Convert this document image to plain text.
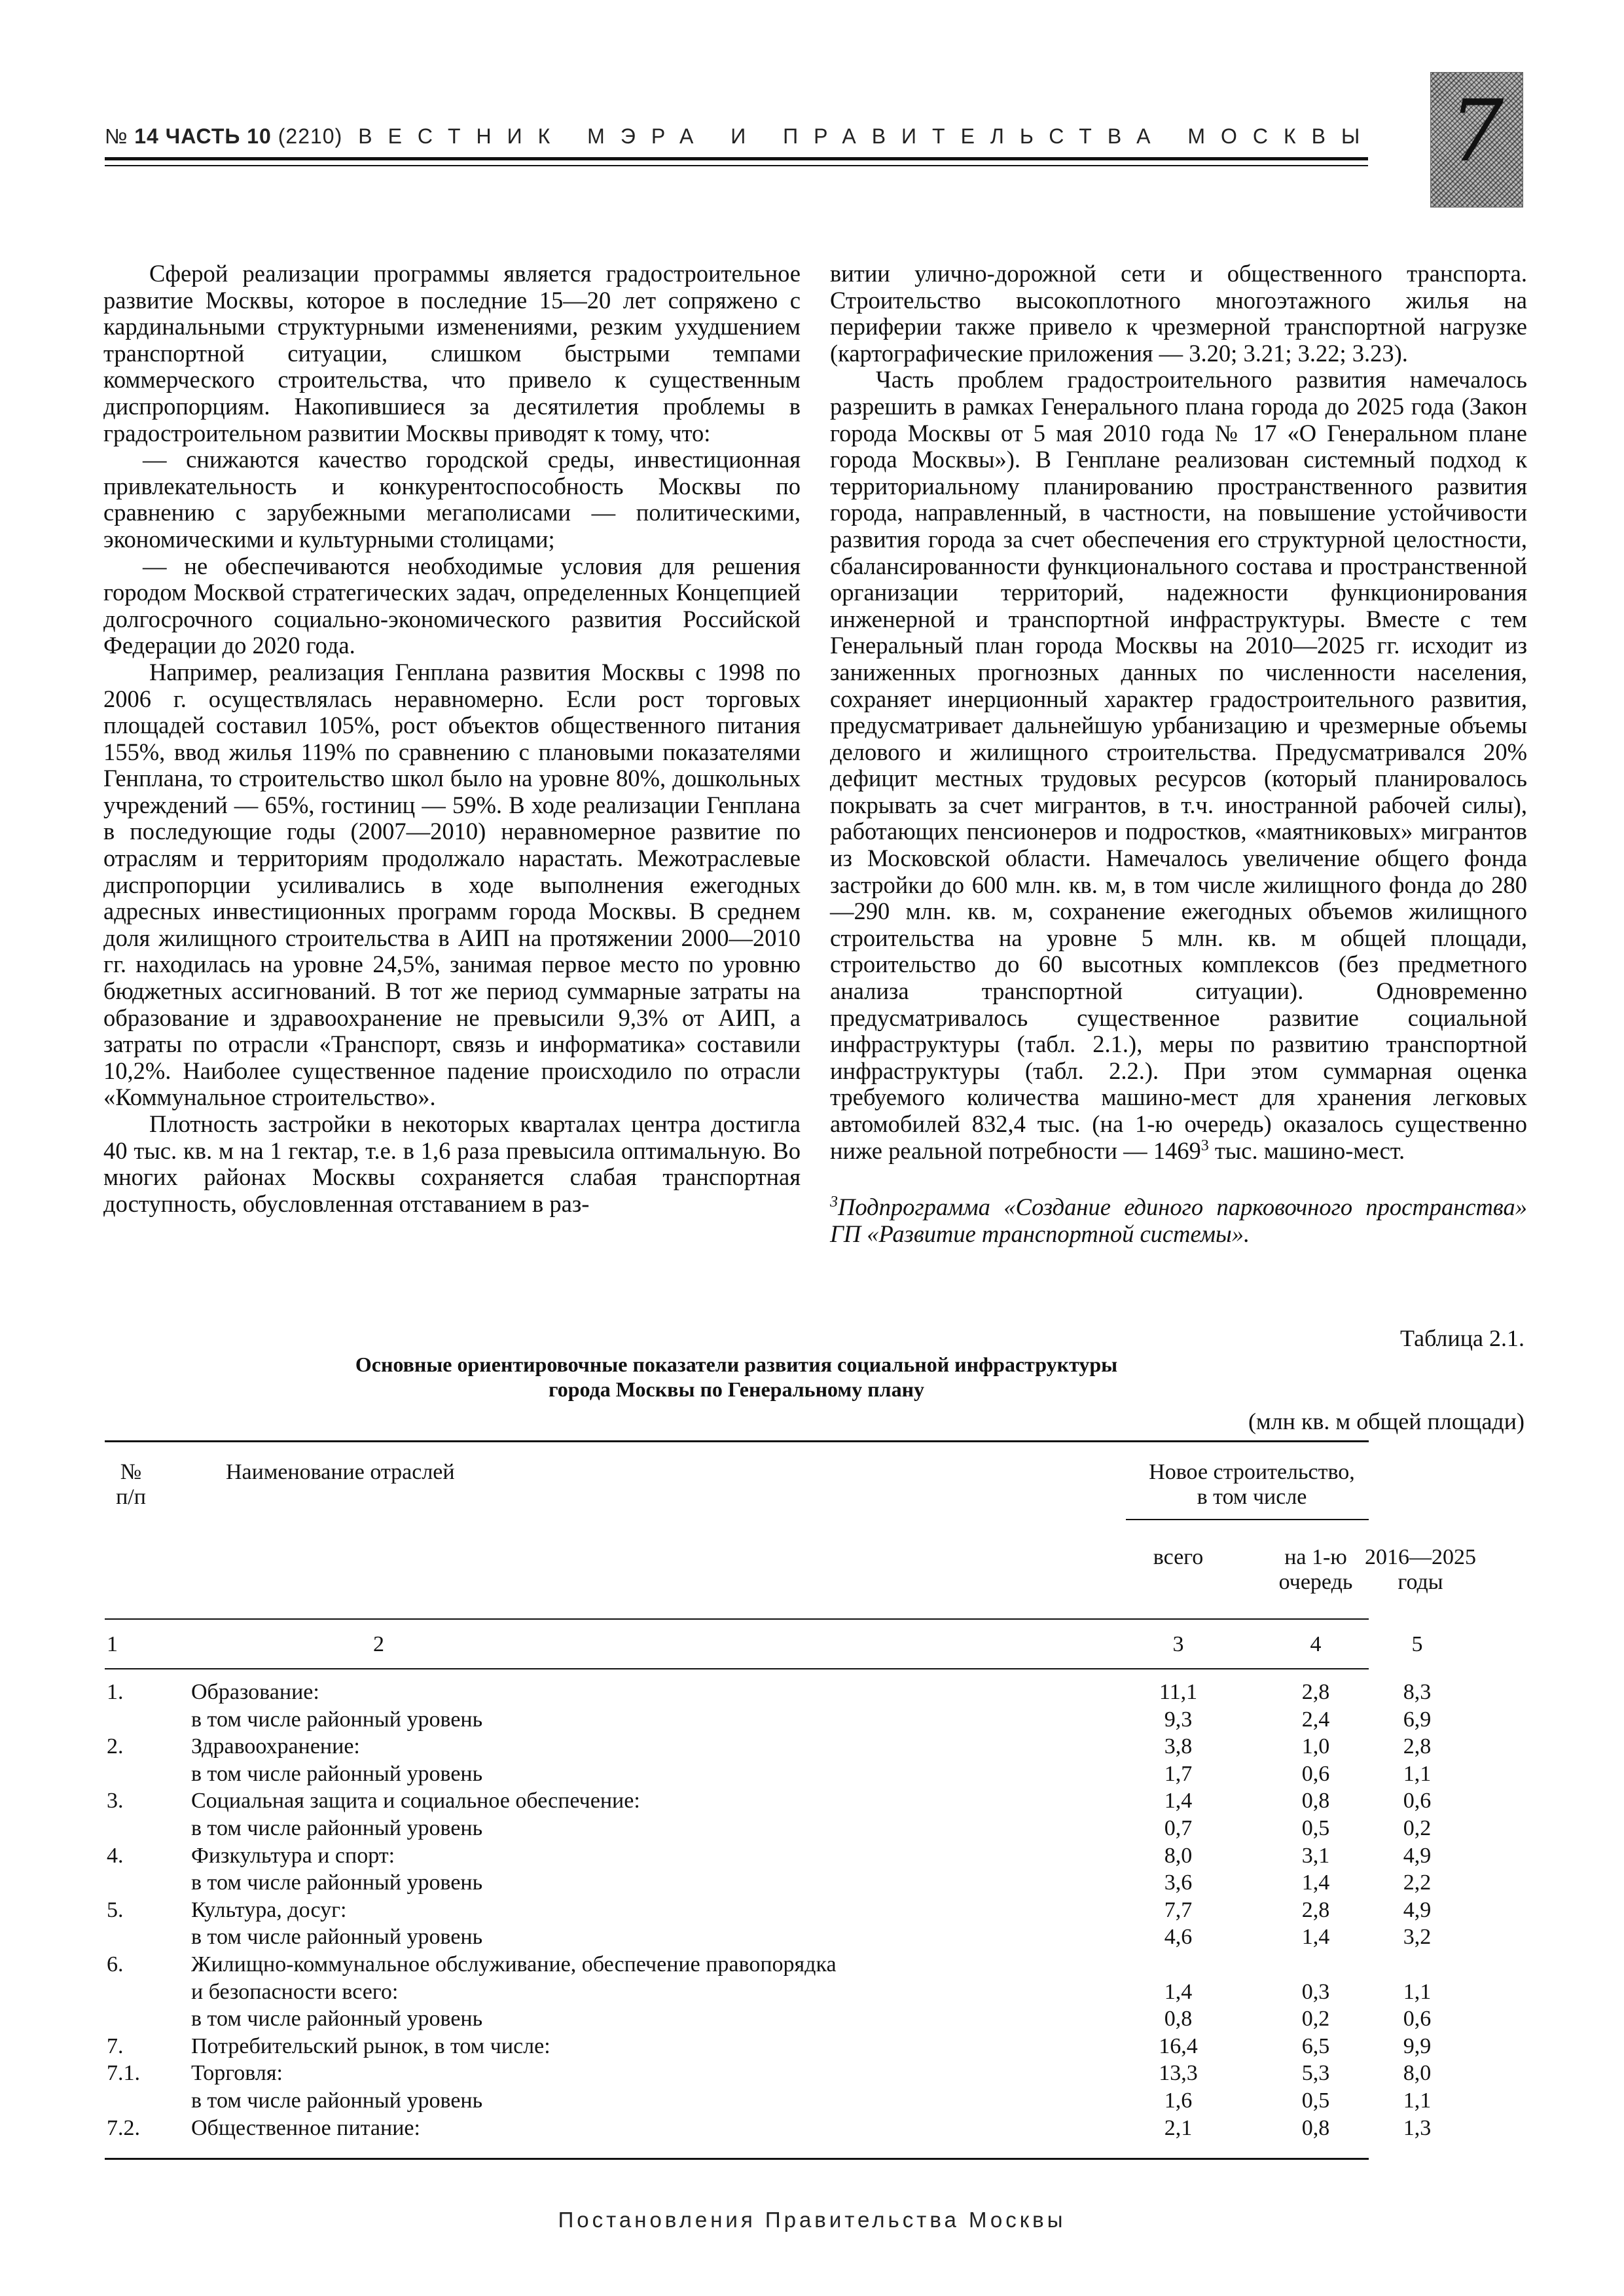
№ 14 ЧАСТЬ 10 (2210) ВЕСТНИК МЭРА И ПРАВИТЕЛЬСТВА МОСКВЫ 7

Сферой реализации программы является градостроительное развитие Москвы, которое в последние 15—20 лет сопряжено с кардинальными структурными изменениями, резким ухудшением транспортной ситуации, слишком быстрыми темпами коммерческого строительства, что привело к существенным диспропорциям. Накопившиеся за десятилетия проблемы в градостроительном развитии Москвы приводят к тому, что:

— снижаются качество городской среды, инвестиционная привлекательность и конкурентоспособность Москвы по сравнению с зарубежными мегаполисами — политическими, экономическими и культурными столицами;

— не обеспечиваются необходимые условия для решения городом Москвой стратегических задач, определенных Концепцией долгосрочного социально-экономического развития Российской Федерации до 2020 года.

Например, реализация Генплана развития Москвы с 1998 по 2006 г. осуществлялась неравномерно. Если рост торговых площадей составил 105%, рост объектов общественного питания 155%, ввод жилья 119% по сравнению с плановыми показателями Генплана, то строительство школ было на уровне 80%, дошкольных учреждений — 65%, гостиниц — 59%. В ходе реализации Генплана в последующие годы (2007—2010) неравномерное развитие по отраслям и территориям продолжало нарастать. Межотраслевые диспропорции усиливались в ходе выполнения ежегодных адресных инвестиционных программ города Москвы. В среднем доля жилищного строительства в АИП на протяжении 2000—2010 гг. находилась на уровне 24,5%, занимая первое место по уровню бюджетных ассигнований. В тот же период суммарные затраты на образование и здравоохранение не превысили 9,3% от АИП, а затраты по отрасли «Транспорт, связь и информатика» составили 10,2%. Наиболее существенное падение происходило по отрасли «Коммунальное строительство».

Плотность застройки в некоторых кварталах центра достигла 40 тыс. кв. м на 1 гектар, т.е. в 1,6 раза превысила оптимальную. Во многих районах Москвы сохраняется слабая транспортная доступность, обусловленная отставанием в раз-

витии улично-дорожной сети и общественного транспорта. Строительство высокоплотного многоэтажного жилья на периферии также привело к чрезмерной транспортной нагрузке (картографические приложения — 3.20; 3.21; 3.22; 3.23).

Часть проблем градостроительного развития намечалось разрешить в рамках Генерального плана города до 2025 года (Закон города Москвы от 5 мая 2010 года № 17 «О Генеральном плане города Москвы»). В Генплане реализован системный подход к территориальному планированию пространственного развития города, направленный, в частности, на повышение устойчивости развития города за счет обеспечения его структурной целостности, сбалансированности функционального состава и пространственной организации территорий, надежности функционирования инженерной и транспортной инфраструктуры. Вместе с тем Генеральный план города Москвы на 2010—2025 гг. исходит из заниженных прогнозных данных по численности населения, сохраняет инерционный характер градостроительного развития, предусматривает дальнейшую урбанизацию и чрезмерные объемы делового и жилищного строительства. Предусматривался 20% дефицит местных трудовых ресурсов (который планировалось покрывать за счет мигрантов, в т.ч. иностранной рабочей силы), работающих пенсионеров и подростков, «маятниковых» мигрантов из Московской области. Намечалось увеличение общего фонда застройки до 600 млн. кв. м, в том числе жилищного фонда до 280—290 млн. кв. м, сохранение ежегодных объемов жилищного строительства на уровне 5 млн. кв. м общей площади, строительство до 60 высотных комплексов (без предметного анализа транспортной ситуации). Одновременно предусматривалось существенное развитие социальной инфраструктуры (табл. 2.1.), меры по развитию транспортной инфраструктуры (табл. 2.2.). При этом суммарная оценка требуемого количества машино-мест для хранения легковых автомобилей 832,4 тыс. (на 1-ю очередь) оказалось существенно ниже реальной потребности — 1469$^3$ тыс. машино-мест.

$^3$Подпрограмма «Создание единого парковочного пространства» ГП «Развитие транспортной системы».

Таблица 2.1.
Основные ориентировочные показатели развития социальной инфраструктуры
города Москвы по Генеральному плану
(млн кв. м общей площади)
№
п/п
Наименование отраслей	Новое строительство,
в том числе
всего	на 1-ю
очередь
2016—2025
годы
1	2	3	4	5
1.	Образование:	11,1	2,8	8,3
в том числе районный уровень	9,3	2,4	6,9
2.	Здравоохранение:	3,8	1,0	2,8
в том числе районный уровень	1,7	0,6	1,1
3.	Социальная защита и социальное обеспечение:	1,4	0,8	0,6
в том числе районный уровень	0,7	0,5	0,2
4.	Физкультура и спорт:	8,0	3,1	4,9
в том числе районный уровень	3,6	1,4	2,2
5.	Культура, досуг:	7,7	2,8	4,9
в том числе районный уровень	4,6	1,4	3,2
6.	Жилищно-коммунальное обслуживание, обеспечение правопорядка
и безопасности всего:	1,4	0,3	1,1
в том числе районный уровень	0,8	0,2	0,6
7.	Потребительский рынок, в том числе:	16,4	6,5	9,9
7.1. Торговля:	13,3	5,3	8,0
в том числе районный уровень	1,6	0,5	1,1
7.2. Общественное питание:	2,1	0,8	1,3
Постановления Правительства Москвы
